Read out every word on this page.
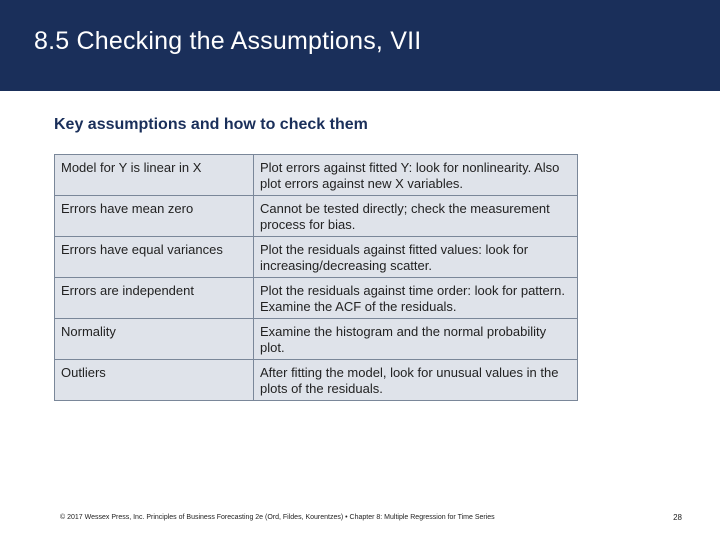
8.5 Checking the Assumptions, VII
Key assumptions and how to check them
Model for Y is linear in X	Plot errors against fitted Y: look for nonlinearity. Also plot errors against new X variables.
Errors have mean zero	Cannot be tested directly; check the measurement process for bias.
Errors have equal variances	Plot the residuals against fitted values: look for increasing/decreasing scatter.
Errors are independent	Plot the residuals against time order: look for pattern. Examine the ACF of the residuals.
Normality	Examine the histogram and the normal probability plot.
Outliers	After fitting the model, look for unusual values in the plots of the residuals.
© 2017 Wessex Press, Inc. Principles of Business Forecasting 2e (Ord, Fildes, Kourentzes) • Chapter 8: Multiple Regression for Time Series	28
